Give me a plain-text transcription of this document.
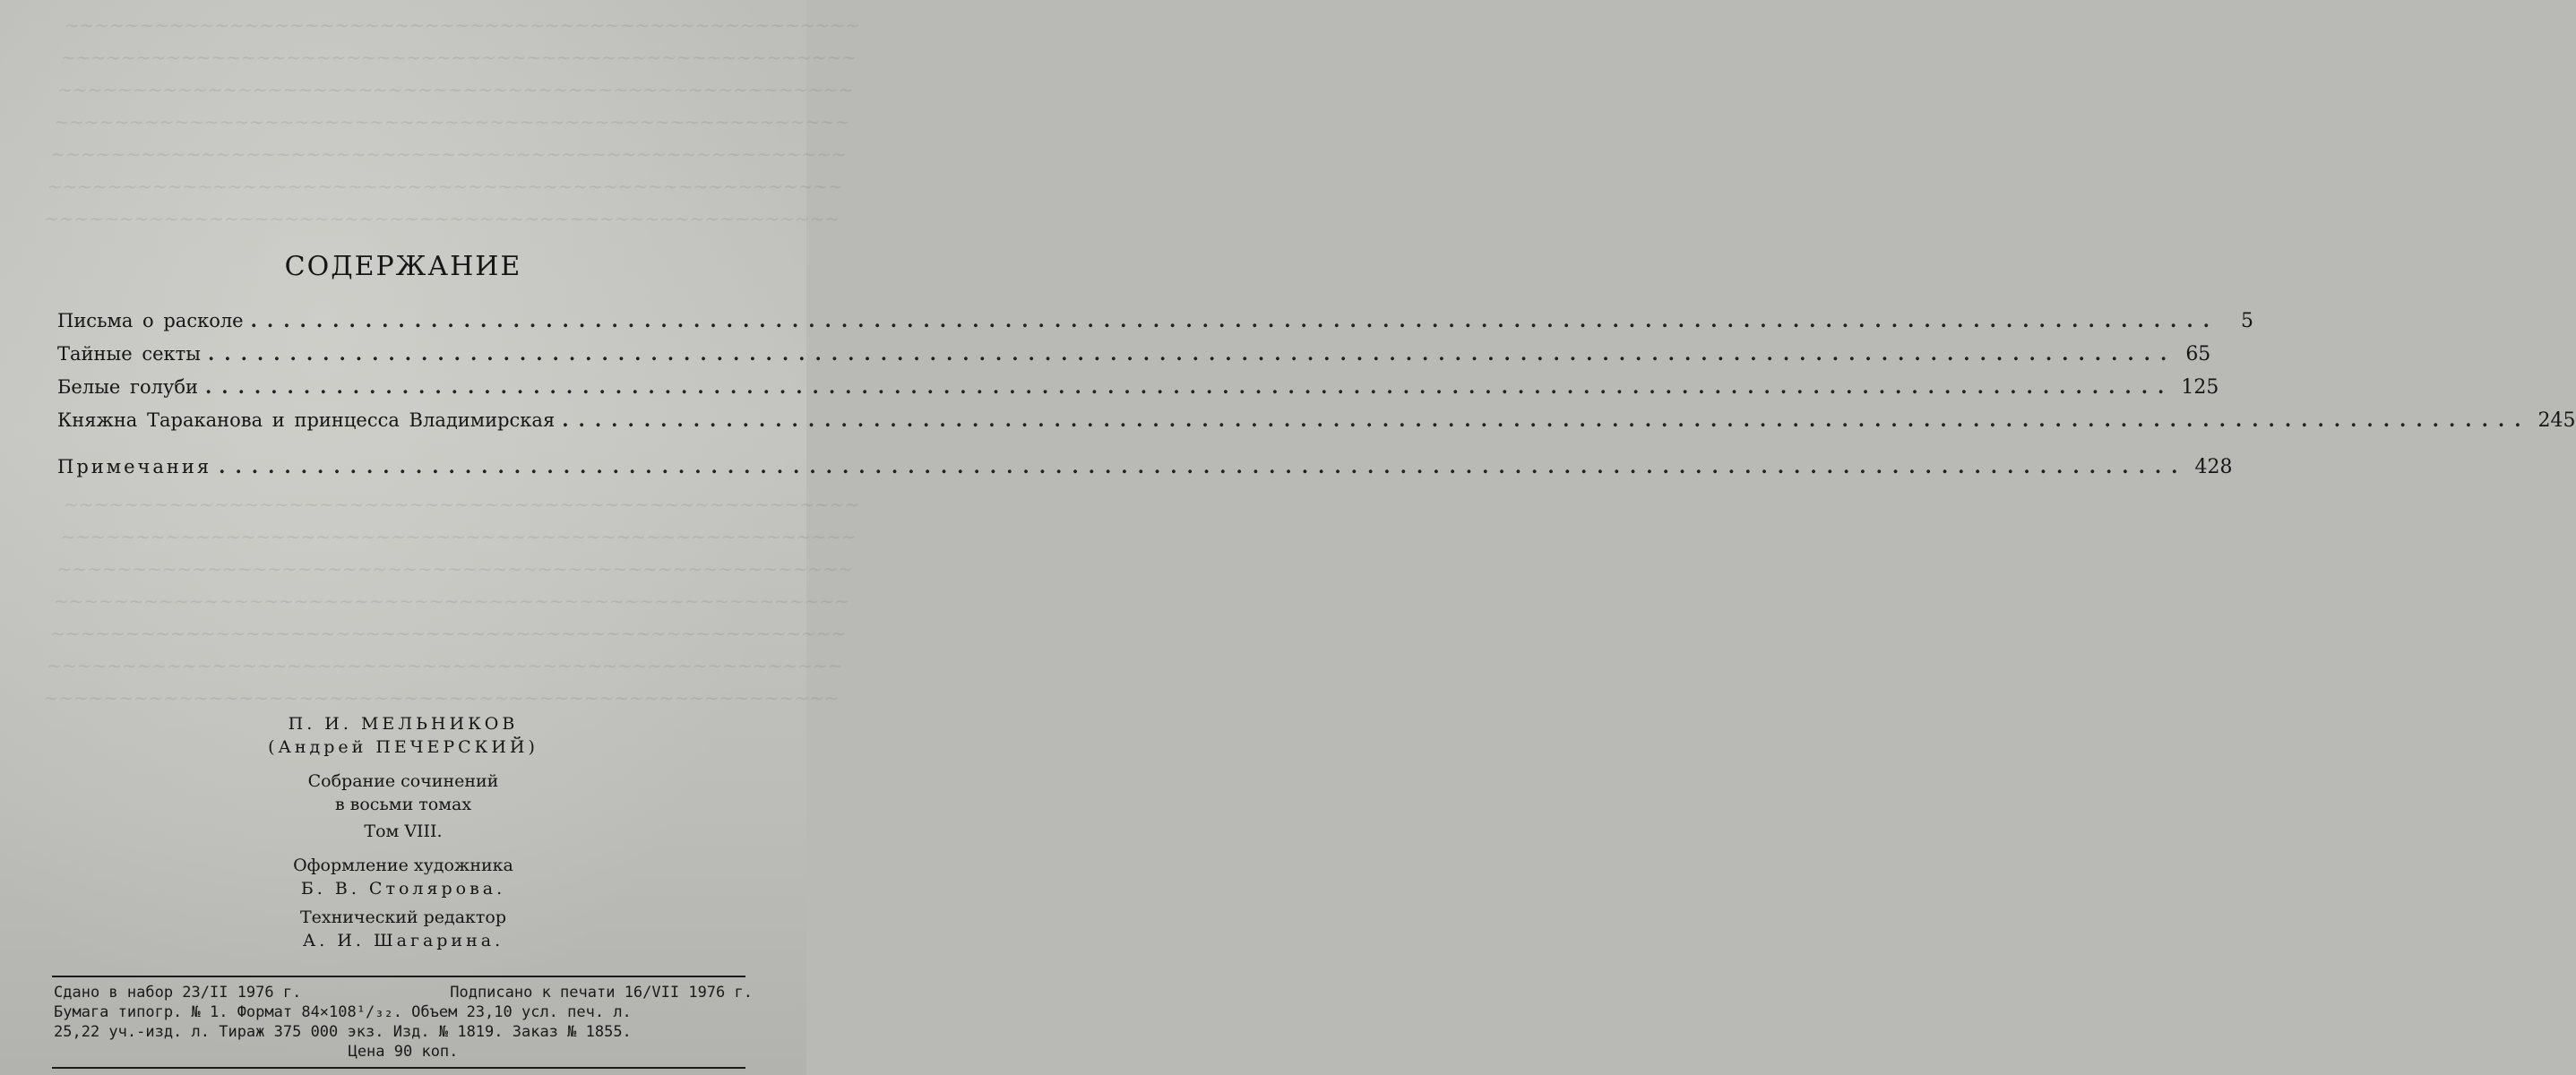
~~~~~~~~~~~~~~~~~~~~~~~~~~~~~~~~~~~~~~~~~~~~~~~~~~~~~
~~~~~~~~~~~~~~~~~~~~~~~~~~~~~~~~~~~~~~~~~~~~~~~~~~~~~
~~~~~~~~~~~~~~~~~~~~~~~~~~~~~~~~~~~~~~~~~~~~~~~~~~~~~
~~~~~~~~~~~~~~~~~~~~~~~~~~~~~~~~~~~~~~~~~~~~~~~~~~~~~
~~~~~~~~~~~~~~~~~~~~~~~~~~~~~~~~~~~~~~~~~~~~~~~~~~~~~
~~~~~~~~~~~~~~~~~~~~~~~~~~~~~~~~~~~~~~~~~~~~~~~~~~~~~
~~~~~~~~~~~~~~~~~~~~~~~~~~~~~~~~~~~~~~~~~~~~~~~~~~~~~
~~~~~~~~~~~~~~~~~~~~~~~~~~~~~~~~~~~~~~~~~~~~~~~~~~~~~
~~~~~~~~~~~~~~~~~~~~~~~~~~~~~~~~~~~~~~~~~~~~~~~~~~~~~
~~~~~~~~~~~~~~~~~~~~~~~~~~~~~~~~~~~~~~~~~~~~~~~~~~~~~
~~~~~~~~~~~~~~~~~~~~~~~~~~~~~~~~~~~~~~~~~~~~~~~~~~~~~
~~~~~~~~~~~~~~~~~~~~~~~~~~~~~~~~~~~~~~~~~~~~~~~~~~~~~
~~~~~~~~~~~~~~~~~~~~~~~~~~~~~~~~~~~~~~~~~~~~~~~~~~~~~
~~~~~~~~~~~~~~~~~~~~~~~~~~~~~~~~~~~~~~~~~~~~~~~~~~~~~
СОДЕРЖАНИЕ
Письма о расколе ........................................................................................................................	5
Тайные секты ........................................................................................................................ 65
Белые голуби ........................................................................................................................ 125
Княжна Тараканова и принцесса Владимирская ........................................................................................................................ 245
Примечания ........................................................................................................................ 428
П. И. МЕЛЬНИКОВ
(Андрей ПЕЧЕРСКИЙ)
Собрание сочинений
в восьми томах
Том VIII.
Оформление художника
Б. В. Столярова.
Технический редактор
А. И. Шагарина.
Сдано в набор 23/II 1976 г.	Подписано к печати 16/VII 1976 г.
Бумага типогр. № 1. Формат 84×108¹/₃₂. Объем 23,10 усл. печ. л.
25,22 уч.-изд. л. Тираж 375 000 экз. Изд. № 1819. Заказ № 1855.
Цена 90 коп.
